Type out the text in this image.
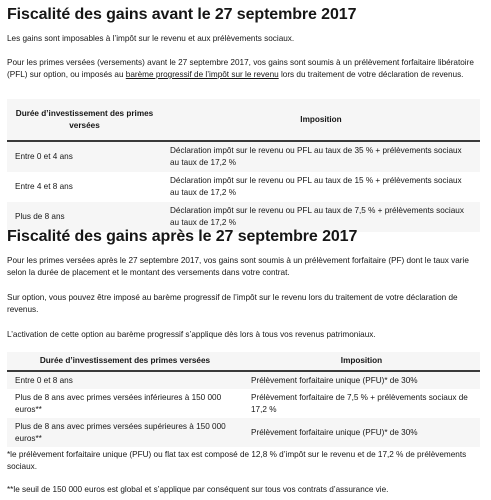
Fiscalité des gains avant le 27 septembre 2017

Les gains sont imposables à l’impôt sur le revenu et aux prélèvements sociaux.

Pour les primes versées (versements) avant le 27 septembre 2017, vos gains sont soumis à un prélèvement forfaitaire libératoire (PFL) sur option, ou imposés au barème progressif de l’impôt sur le revenu lors du traitement de votre déclaration de revenus.

Durée d’investissement des primes versées	Imposition
Entre 0 et 4 ans	Déclaration impôt sur le revenu ou PFL au taux de 35 % + prélèvements sociaux au taux de 17,2 %
Entre 4 et 8 ans	Déclaration impôt sur le revenu ou PFL au taux de 15 % + prélèvements sociaux au taux de 17,2 %
Plus de 8 ans	Déclaration impôt sur le revenu ou PFL au taux de 7,5 % + prélèvements sociaux au taux de 17,2 %
Fiscalité des gains après le 27 septembre 2017

Pour les primes versées après le 27 septembre 2017, vos gains sont soumis à un prélèvement forfaitaire (PF) dont le taux varie selon la durée de placement et le montant des versements dans votre contrat.

Sur option, vous pouvez être imposé au barème progressif de l’impôt sur le revenu lors du traitement de votre déclaration de revenus.

L’activation de cette option au barème progressif s’applique dès lors à tous vos revenus patrimoniaux.

Durée d’investissement des primes versées	Imposition
Entre 0 et 8 ans	Prélèvement forfaitaire unique (PFU)* de 30%
Plus de 8 ans avec primes versées inférieures à 150 000 euros**	Prélèvement forfaitaire de 7,5 % + prélèvements sociaux de 17,2 %
Plus de 8 ans avec primes versées supérieures à 150 000 euros**	Prélèvement forfaitaire unique (PFU)* de 30%

*le prélèvement forfaitaire unique (PFU) ou flat tax est composé de 12,8 % d’impôt sur le revenu et de 17,2 % de prélèvements sociaux.

**le seuil de 150 000 euros est global et s’applique par conséquent sur tous vos contrats d’assurance vie.
